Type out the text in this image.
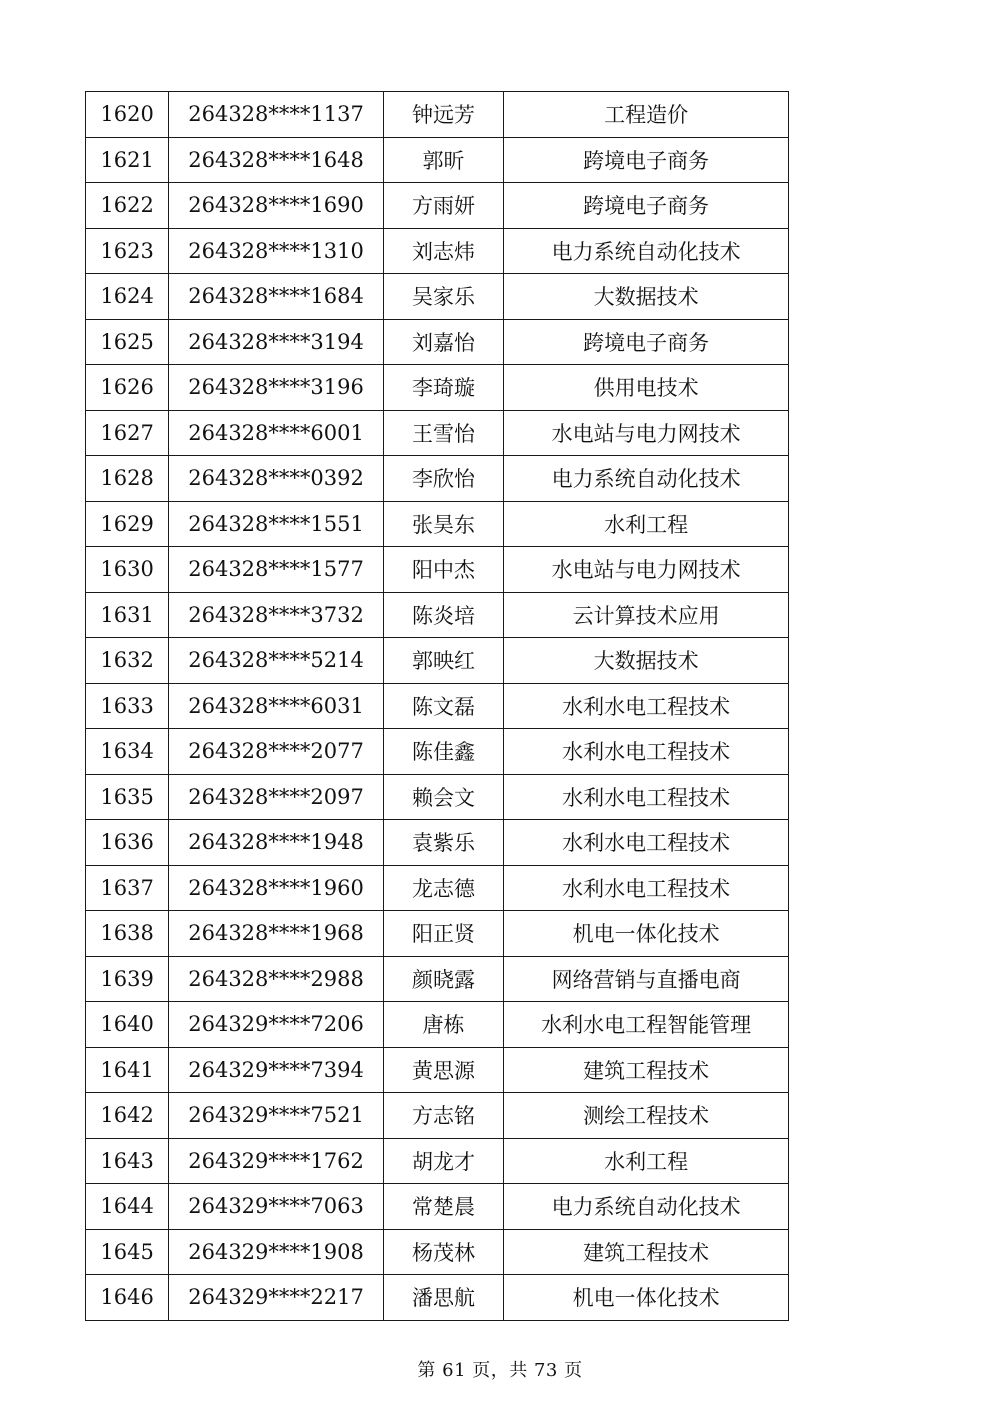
1620	264328****1137	钟远芳	工程造价
1621	264328****1648	郭昕	跨境电子商务
1622	264328****1690	方雨妍	跨境电子商务
1623	264328****1310	刘志炜	电力系统自动化技术
1624	264328****1684	吴家乐	大数据技术
1625	264328****3194	刘嘉怡	跨境电子商务
1626	264328****3196	李琦璇	供用电技术
1627	264328****6001	王雪怡	水电站与电力网技术
1628	264328****0392	李欣怡	电力系统自动化技术
1629	264328****1551	张昊东	水利工程
1630	264328****1577	阳中杰	水电站与电力网技术
1631	264328****3732	陈炎培	云计算技术应用
1632	264328****5214	郭映红	大数据技术
1633	264328****6031	陈文磊	水利水电工程技术
1634	264328****2077	陈佳鑫	水利水电工程技术
1635	264328****2097	赖会文	水利水电工程技术
1636	264328****1948	袁紫乐	水利水电工程技术
1637	264328****1960	龙志德	水利水电工程技术
1638	264328****1968	阳正贤	机电一体化技术
1639	264328****2988	颜晓露	网络营销与直播电商
1640	264329****7206	唐栋	水利水电工程智能管理
1641	264329****7394	黄思源	建筑工程技术
1642	264329****7521	方志铭	测绘工程技术
1643	264329****1762	胡龙才	水利工程
1644	264329****7063	常楚晨	电力系统自动化技术
1645	264329****1908	杨茂林	建筑工程技术
1646	264329****2217	潘思航	机电一体化技术
第 61 页，共 73 页
